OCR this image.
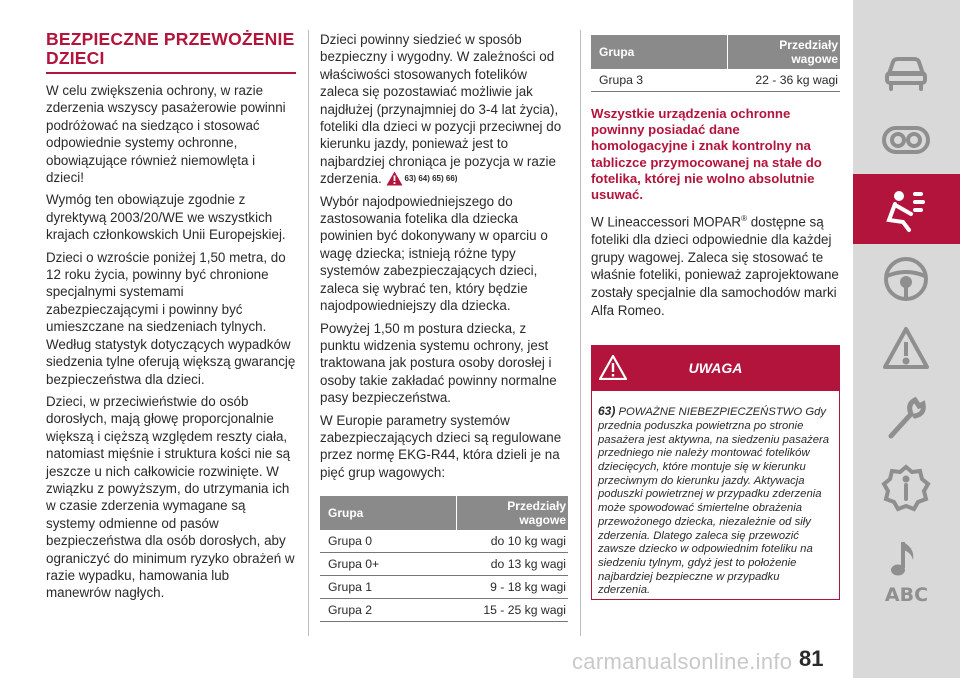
BEZPIECZNE PRZEWOŻENIE
DZIECI

W celu zwiększenia ochrony, w razie zderzenia wszyscy pasażerowie powinni podróżować na siedząco i stosować odpowiednie systemy ochronne, obowiązujące również niemowlęta i dzieci!

Wymóg ten obowiązuje zgodnie z dyrektywą 2003/20/WE we wszystkich krajach członkowskich Unii Europejskiej.

Dzieci o wzroście poniżej 1,50 metra, do 12 roku życia, powinny być chronione specjalnymi systemami zabezpieczającymi i powinny być umieszczane na siedzeniach tylnych. Według statystyk dotyczących wypadków siedzenia tylne oferują większą gwarancję bezpieczeństwa dla dzieci.

Dzieci, w przeciwieństwie do osób dorosłych, mają głowę proporcjonalnie większą i cięższą względem reszty ciała, natomiast mięśnie i struktura kości nie są jeszcze u nich całkowicie rozwinięte. W związku z powyższym, do utrzymania ich w czasie zderzenia wymagane są systemy odmienne od pasów bezpieczeństwa dla osób dorosłych, aby ograniczyć do minimum ryzyko obrażeń w razie wypadku, hamowania lub manewrów nagłych.

Dzieci powinny siedzieć w sposób bezpieczny i wygodny. W zależności od właściwości stosowanych fotelików zaleca się pozostawiać możliwie jak najdłużej (przynajmniej do 3-4 lat życia), foteliki dla dzieci w pozycji przeciwnej do kierunku jazdy, ponieważ jest to najbardziej chroniąca je pozycja w razie zderzenia.	63) 64) 65) 66)

Wybór najodpowiedniejszego do zastosowania fotelika dla dziecka powinien być dokonywany w oparciu o wagę dziecka; istnieją różne typy systemów zabezpieczających dzieci, zaleca się wybrać ten, który będzie najodpowiedniejszy dla dziecka.

Powyżej 1,50 m postura dziecka, z punktu widzenia systemu ochrony, jest traktowana jak postura osoby dorosłej i osoby takie zakładać powinny normalne pasy bezpieczeństwa.

W Europie parametry systemów zabezpieczających dzieci są regulowane przez normę EKG-R44, która dzieli je na pięć grup wagowych:

Grupa	Przedziały wagowe
Grupa 0	do 10 kg wagi
Grupa 0+	do 13 kg wagi
Grupa 1	9 - 18 kg wagi
Grupa 2	15 - 25 kg wagi
Grupa	Przedziały wagowe
Grupa 3	22 - 36 kg wagi
Wszystkie urządzenia ochronne powinny posiadać dane homologacyjne i znak kontrolny na tabliczce przymocowanej na stałe do fotelika, której nie wolno absolutnie usuwać.

W Lineaccessori MOPAR® dostępne są foteliki dla dzieci odpowiednie dla każdej grupy wagowej. Zaleca się stosować te właśnie foteliki, ponieważ zaprojektowane zostały specjalnie dla samochodów marki Alfa Romeo.

UWAGA

63) POWAŻNE NIEBEZPIECZEŃSTWO Gdy przednia poduszka powietrzna po stronie pasażera jest aktywna, na siedzeniu pasażera przedniego nie należy montować fotelików dziecięcych, które montuje się w kierunku przeciwnym do kierunku jazdy. Aktywacja poduszki powietrznej w przypadku zderzenia może spowodować śmiertelne obrażenia przewożonego dziecka, niezależnie od siły zderzenia. Dlatego zaleca się przewozić zawsze dziecko w odpowiednim foteliku na siedzeniu tylnym, gdyż jest to położenie najbardziej bezpieczne w przypadku zderzenia.	ABC
carmanualsonline.info 81
